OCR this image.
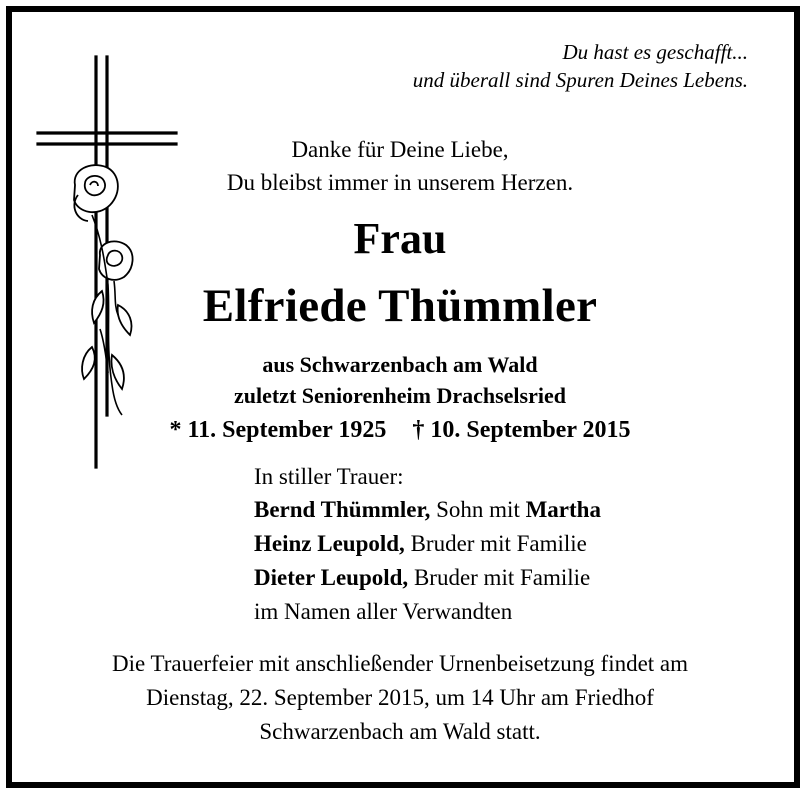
Du hast es geschafft...
und überall sind Spuren Deines Lebens.
Danke für Deine Liebe,
Du bleibst immer in unserem Herzen.
Frau
Elfriede Thümmler
aus Schwarzenbach am Wald
zuletzt Seniorenheim Drachselsried
* 11. September 1925 † 10. September 2015
In stiller Trauer:
Bernd Thümmler, Sohn mit Martha
Heinz Leupold, Bruder mit Familie
Dieter Leupold, Bruder mit Familie
im Namen aller Verwandten
Die Trauerfeier mit anschließender Urnenbeisetzung findet am
Dienstag, 22. September 2015, um 14 Uhr am Friedhof
Schwarzenbach am Wald statt.
